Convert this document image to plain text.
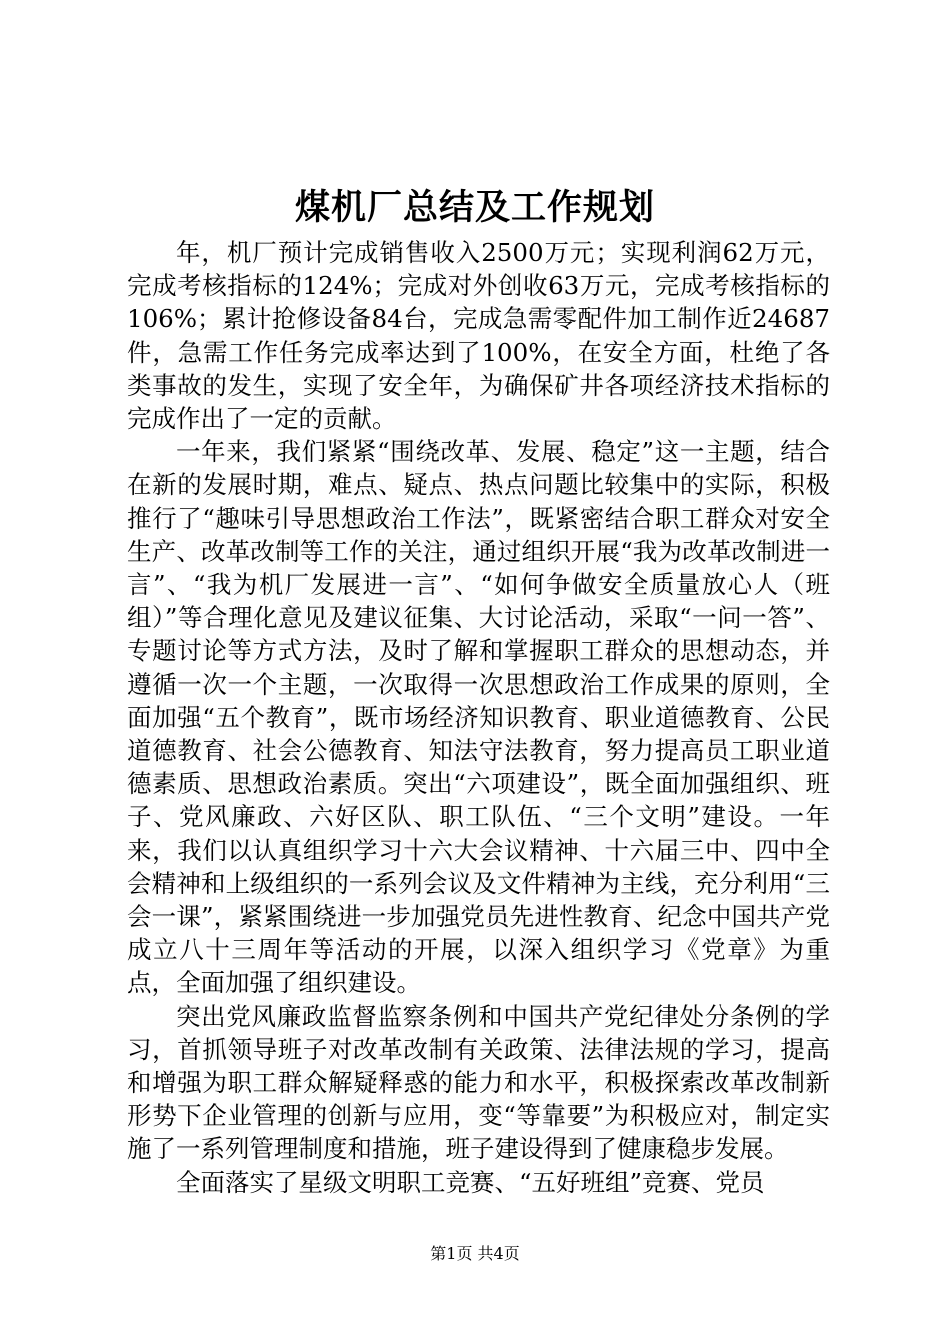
煤机厂总结及工作规划

年，机厂预计完成销售收入2500万元；实现利润62万元，完成考核指标的124%；完成对外创收63万元，完成考核指标的106%；累计抢修设备84台，完成急需零配件加工制作近24687件，急需工作任务完成率达到了100%，在安全方面，杜绝了各类事故的发生，实现了安全年，为确保矿井各项经济技术指标的完成作出了一定的贡献。

一年来，我们紧紧“围绕改革、发展、稳定”这一主题，结合在新的发展时期，难点、疑点、热点问题比较集中的实际，积极推行了“趣味引导思想政治工作法”，既紧密结合职工群众对安全生产、改革改制等工作的关注，通过组织开展“我为改革改制进一言”、“我为机厂发展进一言”、“如何争做安全质量放心人（班组）”等合理化意见及建议征集、大讨论活动，采取“一问一答”、专题讨论等方式方法，及时了解和掌握职工群众的思想动态，并遵循一次一个主题，一次取得一次思想政治工作成果的原则，全面加强“五个教育”，既市场经济知识教育、职业道德教育、公民道德教育、社会公德教育、知法守法教育，努力提高员工职业道德素质、思想政治素质。突出“六项建设”，既全面加强组织、班子、党风廉政、六好区队、职工队伍、“三个文明”建设。一年来，我们以认真组织学习十六大会议精神、十六届三中、四中全会精神和上级组织的一系列会议及文件精神为主线，充分利用“三会一课”，紧紧围绕进一步加强党员先进性教育、纪念中国共产党成立八十三周年等活动的开展，以深入组织学习《党章》为重点，全面加强了组织建设。

突出党风廉政监督监察条例和中国共产党纪律处分条例的学习，首抓领导班子对改革改制有关政策、法律法规的学习，提高和增强为职工群众解疑释惑的能力和水平，积极探索改革改制新形势下企业管理的创新与应用，变“等靠要”为积极应对，制定实施了一系列管理制度和措施，班子建设得到了健康稳步发展。

全面落实了星级文明职工竞赛、“五好班组”竞赛、党员

第1页 共4页
